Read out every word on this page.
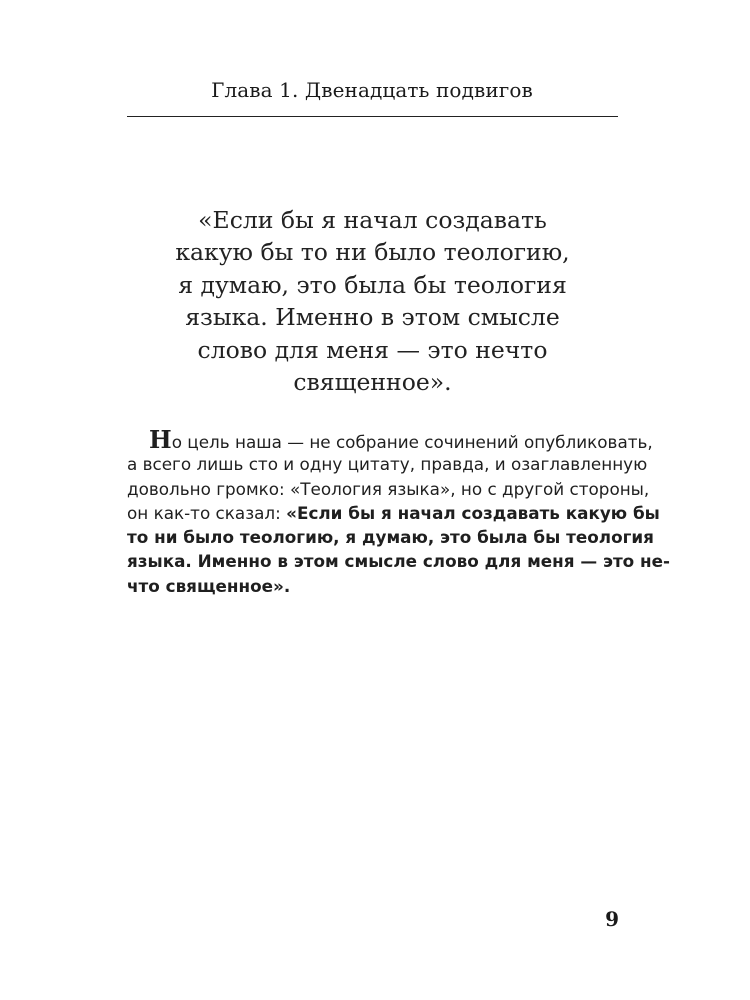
Глава 1. Двенадцать подвигов
«Если бы я начал создавать
какую бы то ни было теологию,
я думаю, это была бы теология
языка. Именно в этом смысле
слово для меня — это нечто
священное».
Но цель наша — не собрание сочинений опубликовать,
а всего лишь сто и одну цитату, правда, и озаглавленную
довольно громко: «Теология языка», но с другой стороны,
он как-то сказал: «Если бы я начал создавать какую бы
то ни было теологию, я думаю, это была бы теология
языка. Именно в этом смысле слово для меня — это не-
что священное».
9
